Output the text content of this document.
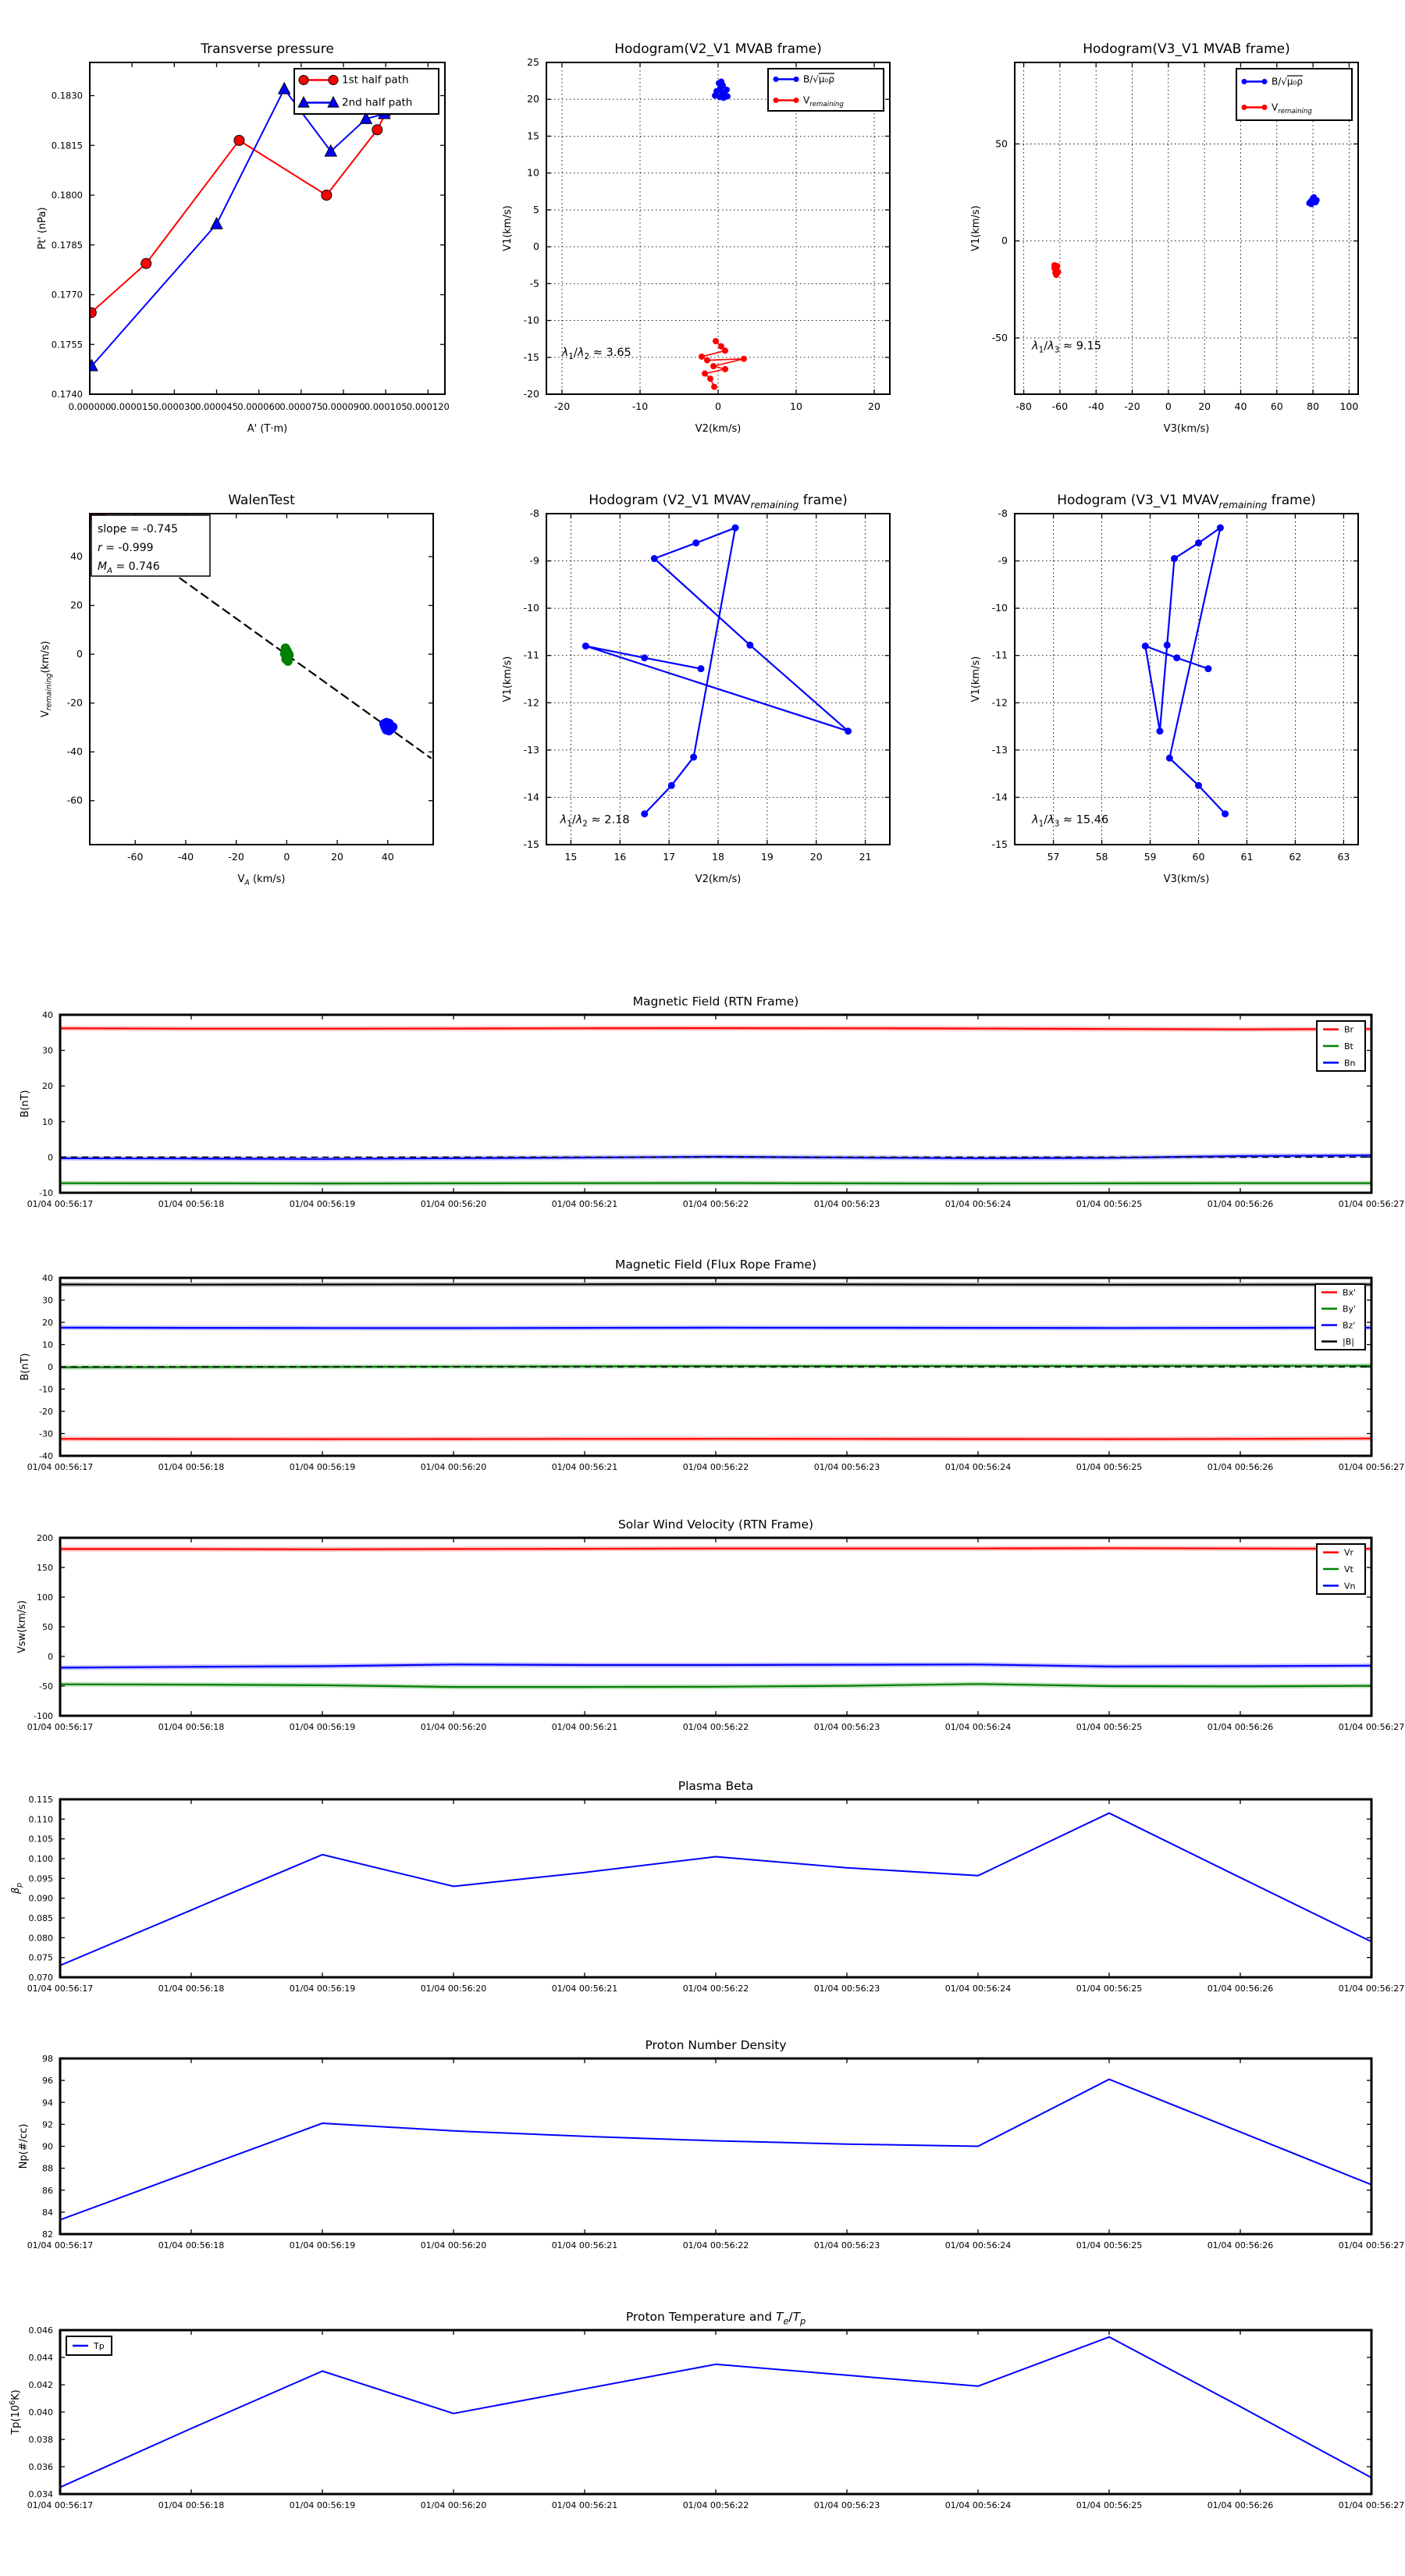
0.000000 0.000015 0.000030 0.000045 0.000060 0.000075 0.000090 0.000105 0.000120
0.1740
0.1755
0.1770
0.1785
0.1800
0.1815
0.1830
Transverse pressure
A' (T·m)
Pt' (nPa)
1st half path
2nd half path
-20	-10	0	10	20
-20
-15
-10
-5
0
5
10
15
20
25
Hodogram(V2_V1 MVAB frame)
V2(km/s)
V1(km/s)
B/√μ₀ρ
$V_{remaining}$
$\lambda_1/\lambda_2 \approx 3.65$
-80 -60 -40 -20	0	20 40 60 80 100
-50
0
50
Hodogram(V3_V1 MVAB frame)
V3(km/s)
V1(km/s)
B/√μ₀ρ
$V_{remaining}$
$\lambda_1/\lambda_3 \approx 9.15$
-60	-40	-20	0	20	40
-60
-40
-20
0
20
40
WalenTest
$V_A$ (km/s)
$V_{remaining}(km/s)$
slope = -0.745
r = -0.999
$M_A = 0.746$
15	16	17	18	19	20	21
-15
-14
-13
-12
-11
-10
-9
-8
Hodogram (V2_V1 $MVAV_{remaining}$ frame)
V2(km/s)
V1(km/s)
$\lambda_1/\lambda_2 \approx 2.18$
57	58	59	60	61	62	63
-15
-14
-13
-12
-11
-10
-9
-8
Hodogram (V3_V1 $MVAV_{remaining}$ frame)
V3(km/s)
V1(km/s)
$\lambda_1/\lambda_3 \approx 15.46$
01/04 00:56:17	01/04 00:56:18	01/04 00:56:19	01/04 00:56:20	01/04 00:56:21	01/04 00:56:22	01/04 00:56:23	01/04 00:56:24	01/04 00:56:25	01/04 00:56:26	01/04 00:56:27
-10
0
10
20
30
40
Magnetic Field (RTN Frame)
B(nT)
Br
Bt
Bn
01/04 00:56:17	01/04 00:56:18	01/04 00:56:19	01/04 00:56:20	01/04 00:56:21	01/04 00:56:22	01/04 00:56:23	01/04 00:56:24	01/04 00:56:25	01/04 00:56:26	01/04 00:56:27
-40
-30
-20
-10
0
10
20
30
40
Magnetic Field (Flux Rope Frame)
B(nT)
Bx'
By'
Bz'
|B|
01/04 00:56:17	01/04 00:56:18	01/04 00:56:19	01/04 00:56:20	01/04 00:56:21	01/04 00:56:22	01/04 00:56:23	01/04 00:56:24	01/04 00:56:25	01/04 00:56:26	01/04 00:56:27
-100
-50
0
50
100
150
200
Solar Wind Velocity (RTN Frame)
Vsw(km/s)
Vr
Vt
Vn
01/04 00:56:17	01/04 00:56:18	01/04 00:56:19	01/04 00:56:20	01/04 00:56:21	01/04 00:56:22	01/04 00:56:23	01/04 00:56:24	01/04 00:56:25	01/04 00:56:26	01/04 00:56:27
0.070
0.075
0.080
0.085
0.090
0.095
0.100
0.105
0.110
0.115
Plasma Beta
$\beta_p$
01/04 00:56:17	01/04 00:56:18	01/04 00:56:19	01/04 00:56:20	01/04 00:56:21	01/04 00:56:22	01/04 00:56:23	01/04 00:56:24	01/04 00:56:25	01/04 00:56:26	01/04 00:56:27
82
84
86
88
90
92
94
96
98
Proton Number Density
Np(#/cc)
01/04 00:56:17	01/04 00:56:18	01/04 00:56:19	01/04 00:56:20	01/04 00:56:21	01/04 00:56:22	01/04 00:56:23	01/04 00:56:24	01/04 00:56:25	01/04 00:56:26	01/04 00:56:27
0.034
0.036
0.038
0.040
0.042
0.044
0.046
Proton Temperature and $T_e/T_p$
$Tp(10^6K)$
Tp
